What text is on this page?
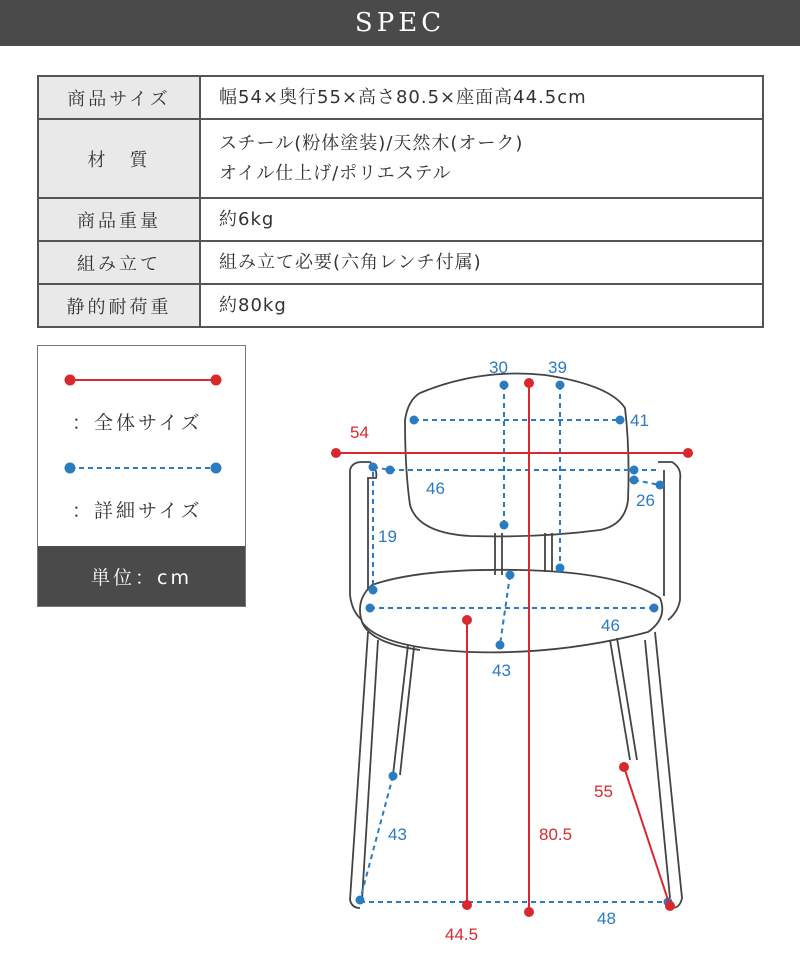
SPEC
商品サイズ	幅54×奥行55×高さ80.5×座面高44.5cm
材　質	スチール(粉体塗装)/天然木(オーク)
オイル仕上げ/ポリエステル

商品重量	約6kg
組み立て	組み立て必要(六角レンチ付属)
静的耐荷重	約80kg
：全体サイズ
：詳細サイズ
単位：cm
30 39
54
41
46
26
19
46
43
43	80.5
55
44.5
48
